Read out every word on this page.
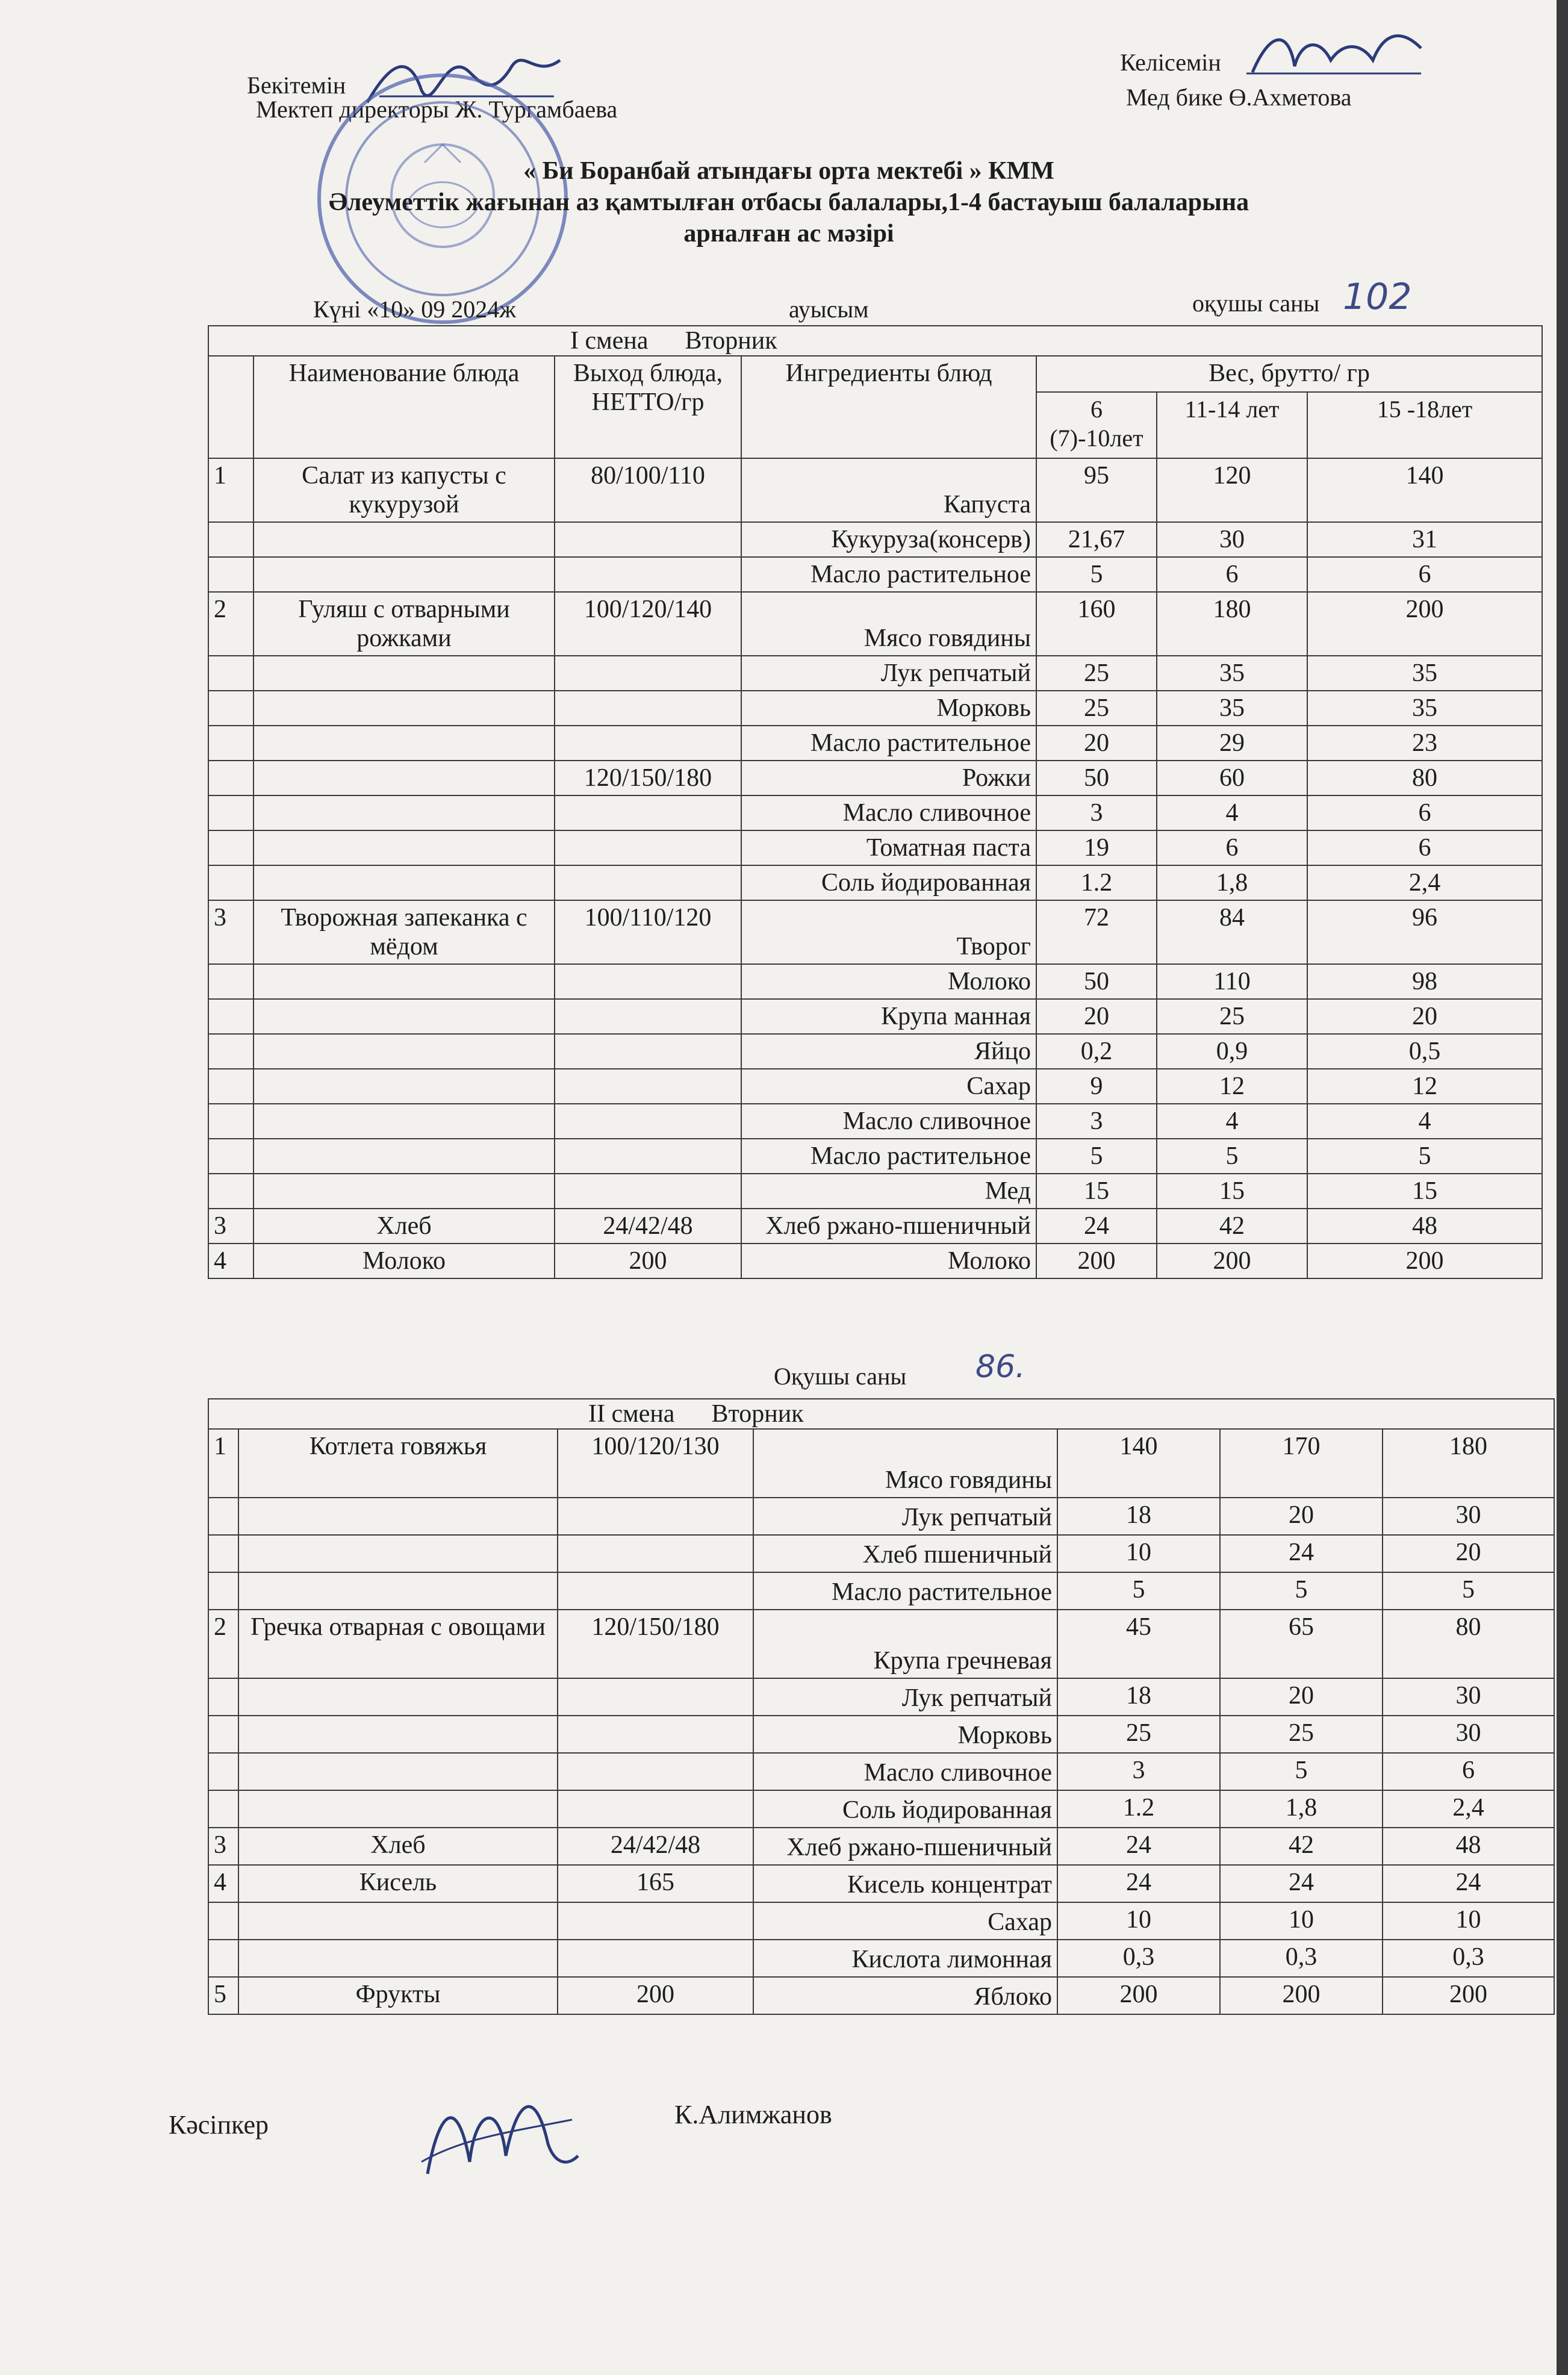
Бекітемін
Мектеп директоры Ж. Тургамбаева
Келісемін
Мед бике Ө.Ахметова
« Би Боранбай атындағы орта мектебі » КММ
Әлеуметтік жағынан аз қамтылған отбасы балалары,1-4 бастауыш балаларына
арналған ас мәзірі
Күні «10» 09 2024ж	ауысым	оқушы саны 102
I смена Вторник						
	Наименование блюда	Выход блюда, НЕТТО/гр	Ингредиенты блюд	Вес, брутто/ гр		
				6 (7)-10лет	11-14 лет	15 -18лет
1	Салат из капусты с кукурузой	80/100/110	Капуста	95	120	140
			Кукуруза(консерв)	21,67	30	31
			Масло растительное	5	6	6
2	Гуляш с отварными рожками	100/120/140	Мясо говядины	160	180	200
			Лук репчатый	25	35	35
			Морковь	25	35	35
			Масло растительное	20	29	23
		120/150/180	Рожки	50	60	80
			Масло сливочное	3	4	6
			Томатная паста	19	6	6
			Соль йодированная	1.2	1,8	2,4
3	Творожная запеканка с мёдом	100/110/120	Творог	72	84	96
			Молоко	50	110	98
			Крупа манная	20	25	20
			Яйцо	0,2	0,9	0,5
			Сахар	9	12	12
			Масло сливочное	3	4	4
			Масло растительное	5	5	5
			Мед	15	15	15
3	Хлеб	24/42/48	Хлеб ржано-пшеничный	24	42	48
4	Молоко	200	Молоко	200	200	200
Оқушы саны 86.
II смена Вторник						
1	Котлета говяжья	100/120/130	Мясо говядины	140	170	180
			Лук репчатый	18	20	30
			Хлеб пшеничный	10	24	20
			Масло растительное	5	5	5
2	Гречка отварная с овощами	120/150/180	Крупа гречневая	45	65	80
			Лук репчатый	18	20	30
			Морковь	25	25	30
			Масло сливочное	3	5	6
			Соль йодированная	1.2	1,8	2,4
3	Хлеб	24/42/48	Хлеб ржано-пшеничный	24	42	48
4	Кисель	165	Кисель концентрат	24	24	24
			Сахар	10	10	10
			Кислота лимонная	0,3	0,3	0,3
5	Фрукты	200	Яблоко	200	200	200
Кәсіпкер	К.Алимжанов
